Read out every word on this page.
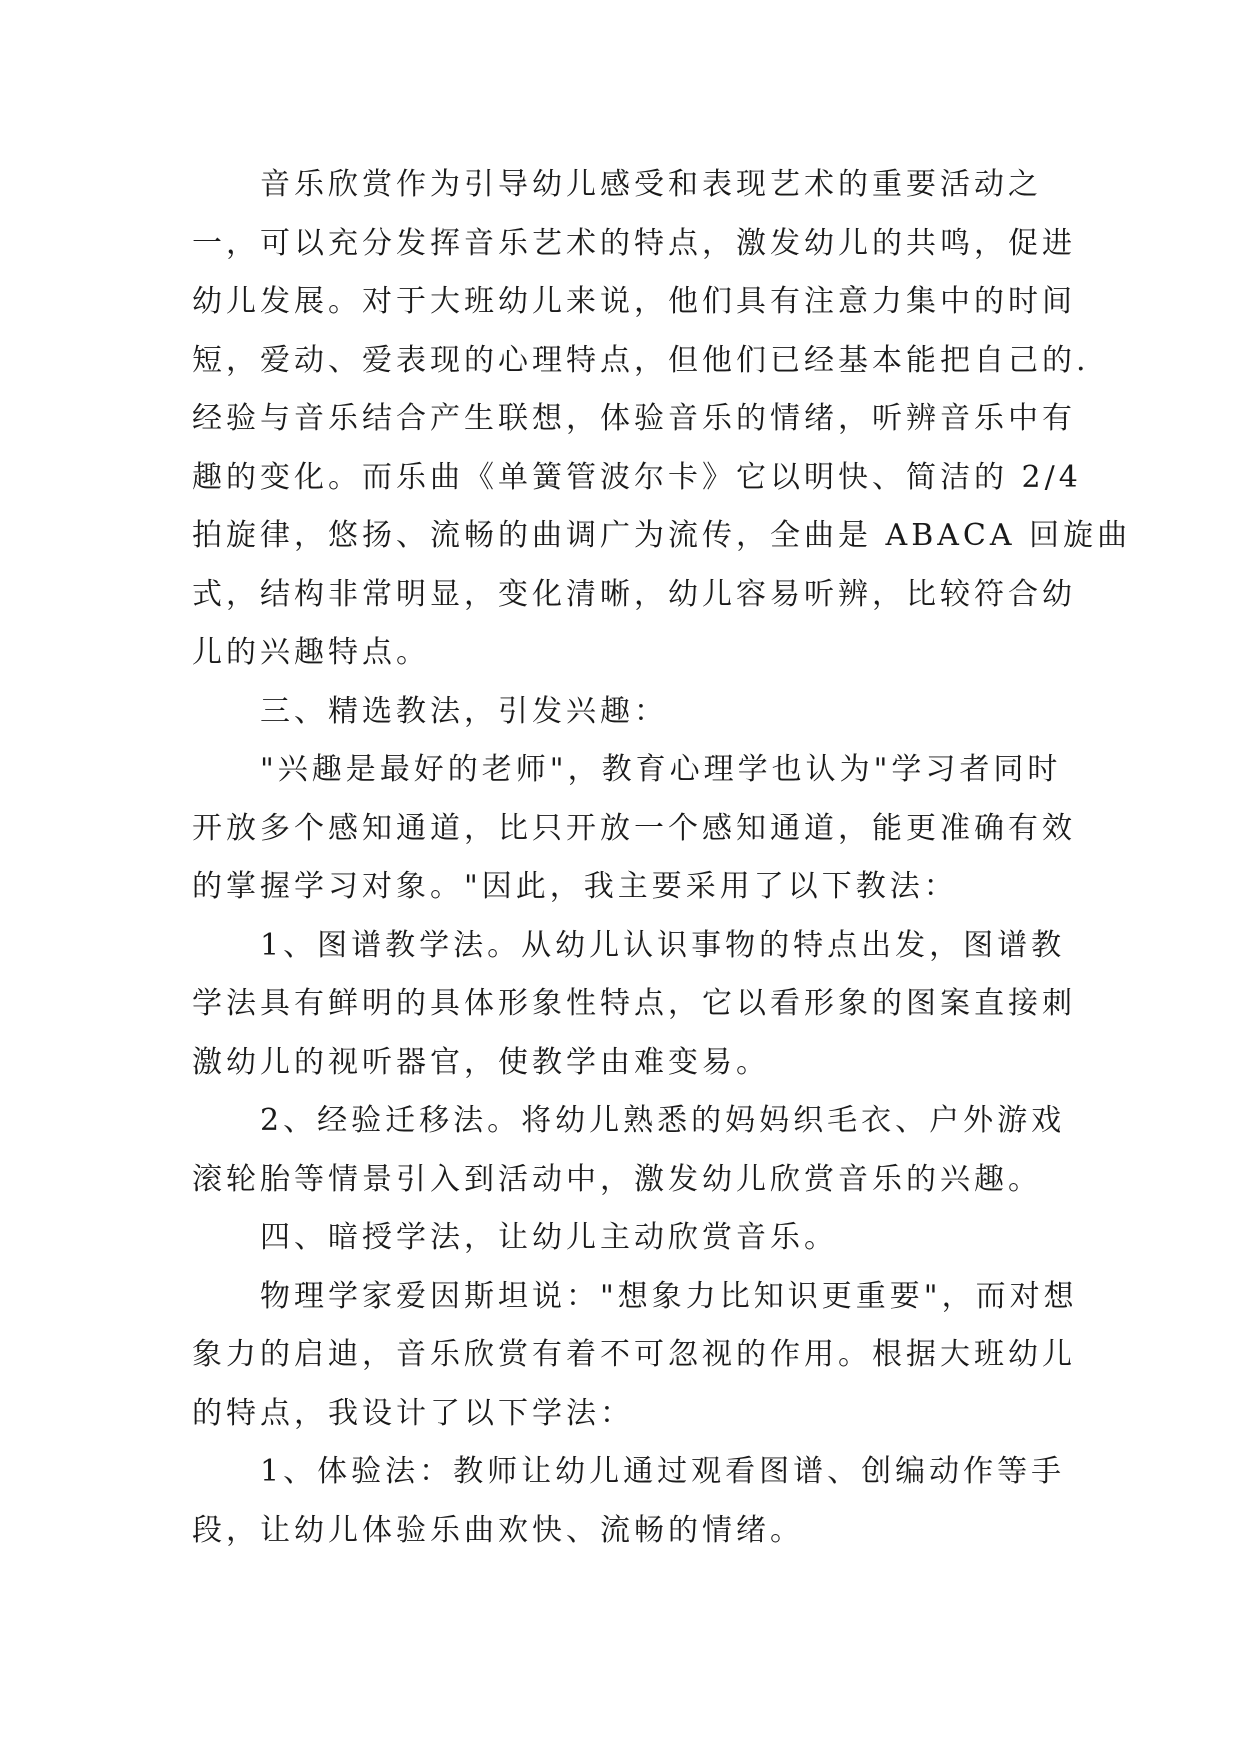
音乐欣赏作为引导幼儿感受和表现艺术的重要活动之
一，可以充分发挥音乐艺术的特点，激发幼儿的共鸣，促进
幼儿发展。对于大班幼儿来说，他们具有注意力集中的时间
短，爱动、爱表现的心理特点，但他们已经基本能把自己的.
经验与音乐结合产生联想，体验音乐的情绪，听辨音乐中有
趣的变化。而乐曲《单簧管波尔卡》它以明快、简洁的 2/4
拍旋律，悠扬、流畅的曲调广为流传，全曲是 ABACA 回旋曲
式，结构非常明显，变化清晰，幼儿容易听辨，比较符合幼
儿的兴趣特点。
三、精选教法，引发兴趣：
"兴趣是最好的老师"，教育心理学也认为"学习者同时
开放多个感知通道，比只开放一个感知通道，能更准确有效
的掌握学习对象。"因此，我主要采用了以下教法：
1、图谱教学法。从幼儿认识事物的特点出发，图谱教
学法具有鲜明的具体形象性特点，它以看形象的图案直接刺
激幼儿的视听器官，使教学由难变易。
2、经验迁移法。将幼儿熟悉的妈妈织毛衣、户外游戏
滚轮胎等情景引入到活动中，激发幼儿欣赏音乐的兴趣。
四、暗授学法，让幼儿主动欣赏音乐。
物理学家爱因斯坦说："想象力比知识更重要"，而对想
象力的启迪，音乐欣赏有着不可忽视的作用。根据大班幼儿
的特点，我设计了以下学法：
1、体验法：教师让幼儿通过观看图谱、创编动作等手
段，让幼儿体验乐曲欢快、流畅的情绪。
